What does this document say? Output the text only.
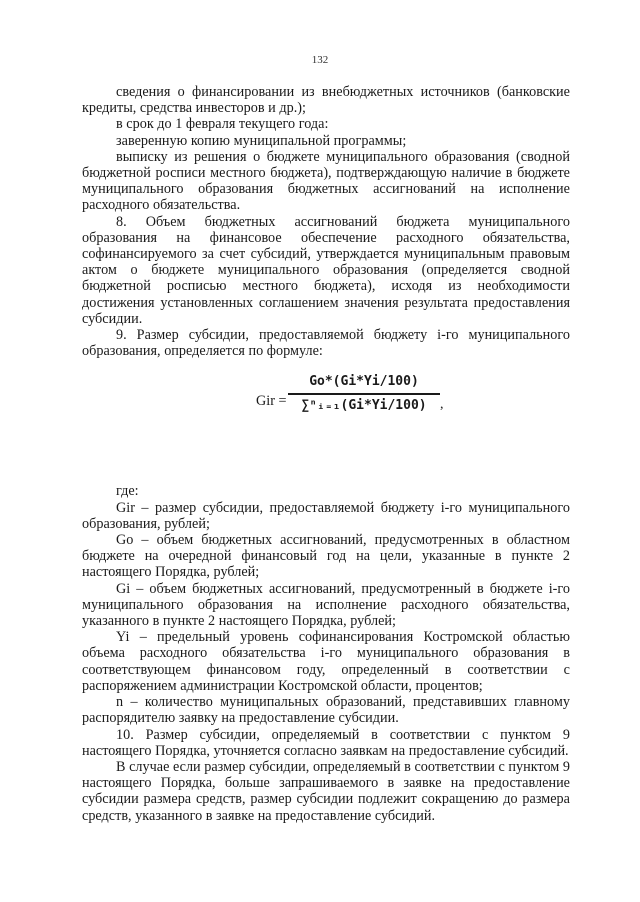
132

сведения о финансировании из внебюджетных источников (банковские кредиты, средства инвесторов и др.);

в срок до 1 февраля текущего года:

заверенную копию муниципальной программы;

выписку из решения о бюджете муниципального образования (сводной бюджетной росписи местного бюджета), подтверждающую наличие в бюджете муниципального образования бюджетных ассигнований на исполнение расходного обязательства.

8. Объем бюджетных ассигнований бюджета муниципального образования на финансовое обеспечение расходного обязательства, софинансируемого за счет субсидий, утверждается муниципальным правовым актом о бюджете муниципального образования (определяется сводной бюджетной росписью местного бюджета), исходя из необходимости достижения установленных соглашением значения результата предоставления субсидии.

9. Размер субсидии, предоставляемой бюджету i-го муниципального образования, определяется по формуле:

Gir =
Go*(Gi*Yi/100)
∑ⁿᵢ₌₁(Gi*Yi/100) ,

где:

Gir – размер субсидии, предоставляемой бюджету i-го муниципального образования, рублей;

Go – объем бюджетных ассигнований, предусмотренных в областном бюджете на очередной финансовый год на цели, указанные в пункте 2 настоящего Порядка, рублей;

Gi – объем бюджетных ассигнований, предусмотренный в бюджете i-го муниципального образования на исполнение расходного обязательства, указанного в пункте 2 настоящего Порядка, рублей;

Yi – предельный уровень софинансирования Костромской областью объема расходного обязательства i-го муниципального образования в соответствующем финансовом году, определенный в соответствии с распоряжением администрации Костромской области, процентов;

n – количество муниципальных образований, представивших главному распорядителю заявку на предоставление субсидии.

10. Размер субсидии, определяемый в соответствии с пунктом 9 настоящего Порядка, уточняется согласно заявкам на предоставление субсидий.

В случае если размер субсидии, определяемый в соответствии с пунктом 9 настоящего Порядка, больше запрашиваемого в заявке на предоставление субсидии размера средств, размер субсидии подлежит сокращению до размера средств, указанного в заявке на предоставление субсидий.
